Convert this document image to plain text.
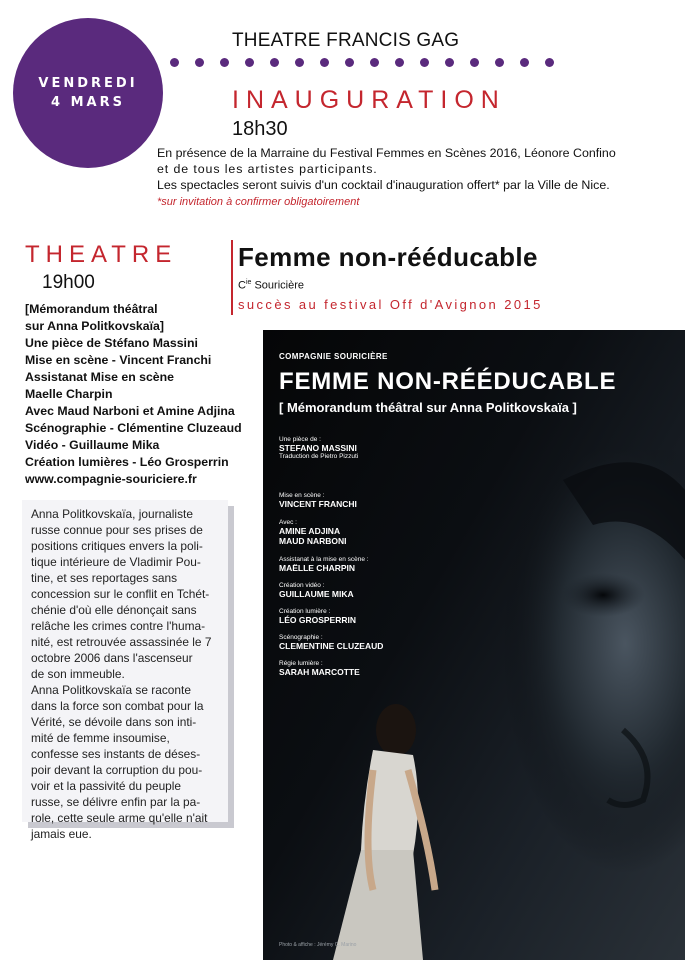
VENDREDI
4 MARS
THEATRE FRANCIS GAG
INAUGURATION
18h30
En présence de la Marraine du Festival Femmes en Scènes 2016, Léonore Confino
et de tous les artistes participants.
Les spectacles seront suivis d'un cocktail d'inauguration offert* par la Ville de Nice.
*sur invitation à confirmer obligatoirement
THEATRE
19h00
[Mémorandum théâtral
sur Anna Politkovskaïa]
Une pièce de Stéfano Massini
Mise en scène - Vincent Franchi
Assistanat Mise en scène
Maelle Charpin
Avec Maud Narboni et Amine Adjina
Scénographie - Clémentine Cluzeaud
Vidéo - Guillaume Mika
Création lumières - Léo Grosperrin
www.compagnie-souriciere.fr
Femme non-rééducable
$C^{ie}$ Souricière
succès au festival Off d'Avignon 2015

Anna Politkovskaïa, journaliste

russe connue pour ses prises de

positions critiques envers la poli-

tique intérieure de Vladimir Pou-

tine, et ses reportages sans

concession sur le conflit en Tchét-

chénie d'où elle dénonçait sans

relâche les crimes contre l'huma-

nité, est retrouvée assassinée le 7

octobre 2006 dans l'ascenseur

de son immeuble.

Anna Politkovskaïa se raconte

dans la force son combat pour la

Vérité, se dévoile dans son inti-

mité de femme insoumise,

confesse ses instants de déses-

poir devant la corruption du pou-

voir et la passivité du peuple

russe, se délivre enfin par la pa-

role, cette seule arme qu'elle n'ait

jamais eue.

COMPAGNIE SOURICIÈRE
FEMME NON-RÉÉDUCABLE
[ Mémorandum théâtral sur Anna Politkovskaïa ]
Une pièce de :
STEFANO MASSINI
Traduction de Pietro Pizzuti
Mise en scène :
VINCENT FRANCHI
Avec :
AMINE ADJINA
MAUD NARBONI
Assistanat à la mise en scène :
MAËLLE CHARPIN
Création vidéo :
GUILLAUME MIKA
Création lumière :
LÉO GROSPERRIN
Scénographie :
CLEMENTINE CLUZEAUD
Régie lumière :
SARAH MARCOTTE
Photo & affiche : Jérémy C. Marino
